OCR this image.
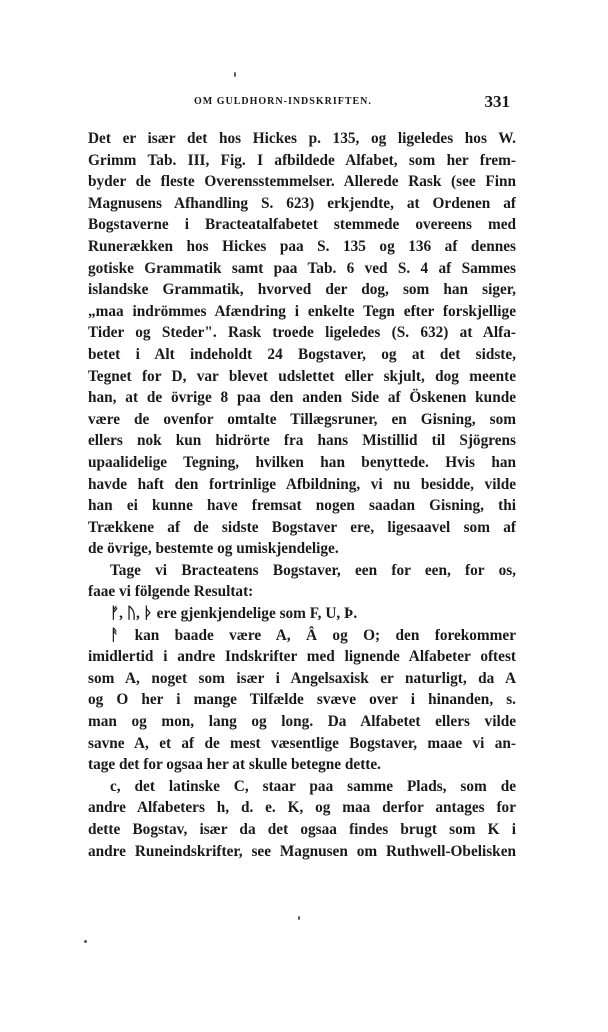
OM GULDHORN-INDSKRIFTEN.	331
Det er især det hos Hickes p. 135, og ligeledes hos W.
Grimm Tab. III, Fig. I afbildede Alfabet, som her frem-
byder de fleste Overensstemmelser. Allerede Rask (see Finn
Magnusens Afhandling S. 623) erkjendte, at Ordenen af
Bogstaverne i Bracteatalfabetet stemmede overeens med
Runerækken hos Hickes paa S. 135 og 136 af dennes
gotiske Grammatik samt paa Tab. 6 ved S. 4 af Sammes
islandske Grammatik, hvorved der dog, som han siger,
„maa indrömmes Afændring i enkelte Tegn efter forskjellige
Tider og Steder". Rask troede ligeledes (S. 632) at Alfa-
betet i Alt indeholdt 24 Bogstaver, og at det sidste,
Tegnet for D, var blevet udslettet eller skjult, dog meente
han, at de övrige 8 paa den anden Side af Öskenen kunde
være de ovenfor omtalte Tillægsruner, en Gisning, som
ellers nok kun hidrörte fra hans Mistillid til Sjögrens
upaalidelige Tegning, hvilken han benyttede. Hvis han
havde haft den fortrinlige Afbildning, vi nu besidde, vilde
han ei kunne have fremsat nogen saadan Gisning, thi
Trækkene af de sidste Bogstaver ere, ligesaavel som af
de övrige, bestemte og umiskjendelige.
Tage vi Bracteatens Bogstaver, een for een, for os,
faae vi fölgende Resultat:
ᚠ, ᚢ, ᚦ ere gjenkjendelige som F, U, Þ.
ᚨ kan baade være A, Â og O; den forekommer
imidlertid i andre Indskrifter med lignende Alfabeter oftest
som A, noget som især i Angelsaxisk er naturligt, da A
og O her i mange Tilfælde svæve over i hinanden, s.
man og mon, lang og long. Da Alfabetet ellers vilde
savne A, et af de mest væsentlige Bogstaver, maae vi an-
tage det for ogsaa her at skulle betegne dette.
c, det latinske C, staar paa samme Plads, som de
andre Alfabeters h, d. e. K, og maa derfor antages for
dette Bogstav, især da det ogsaa findes brugt som K i
andre Runeindskrifter, see Magnusen om Ruthwell-Obelisken
